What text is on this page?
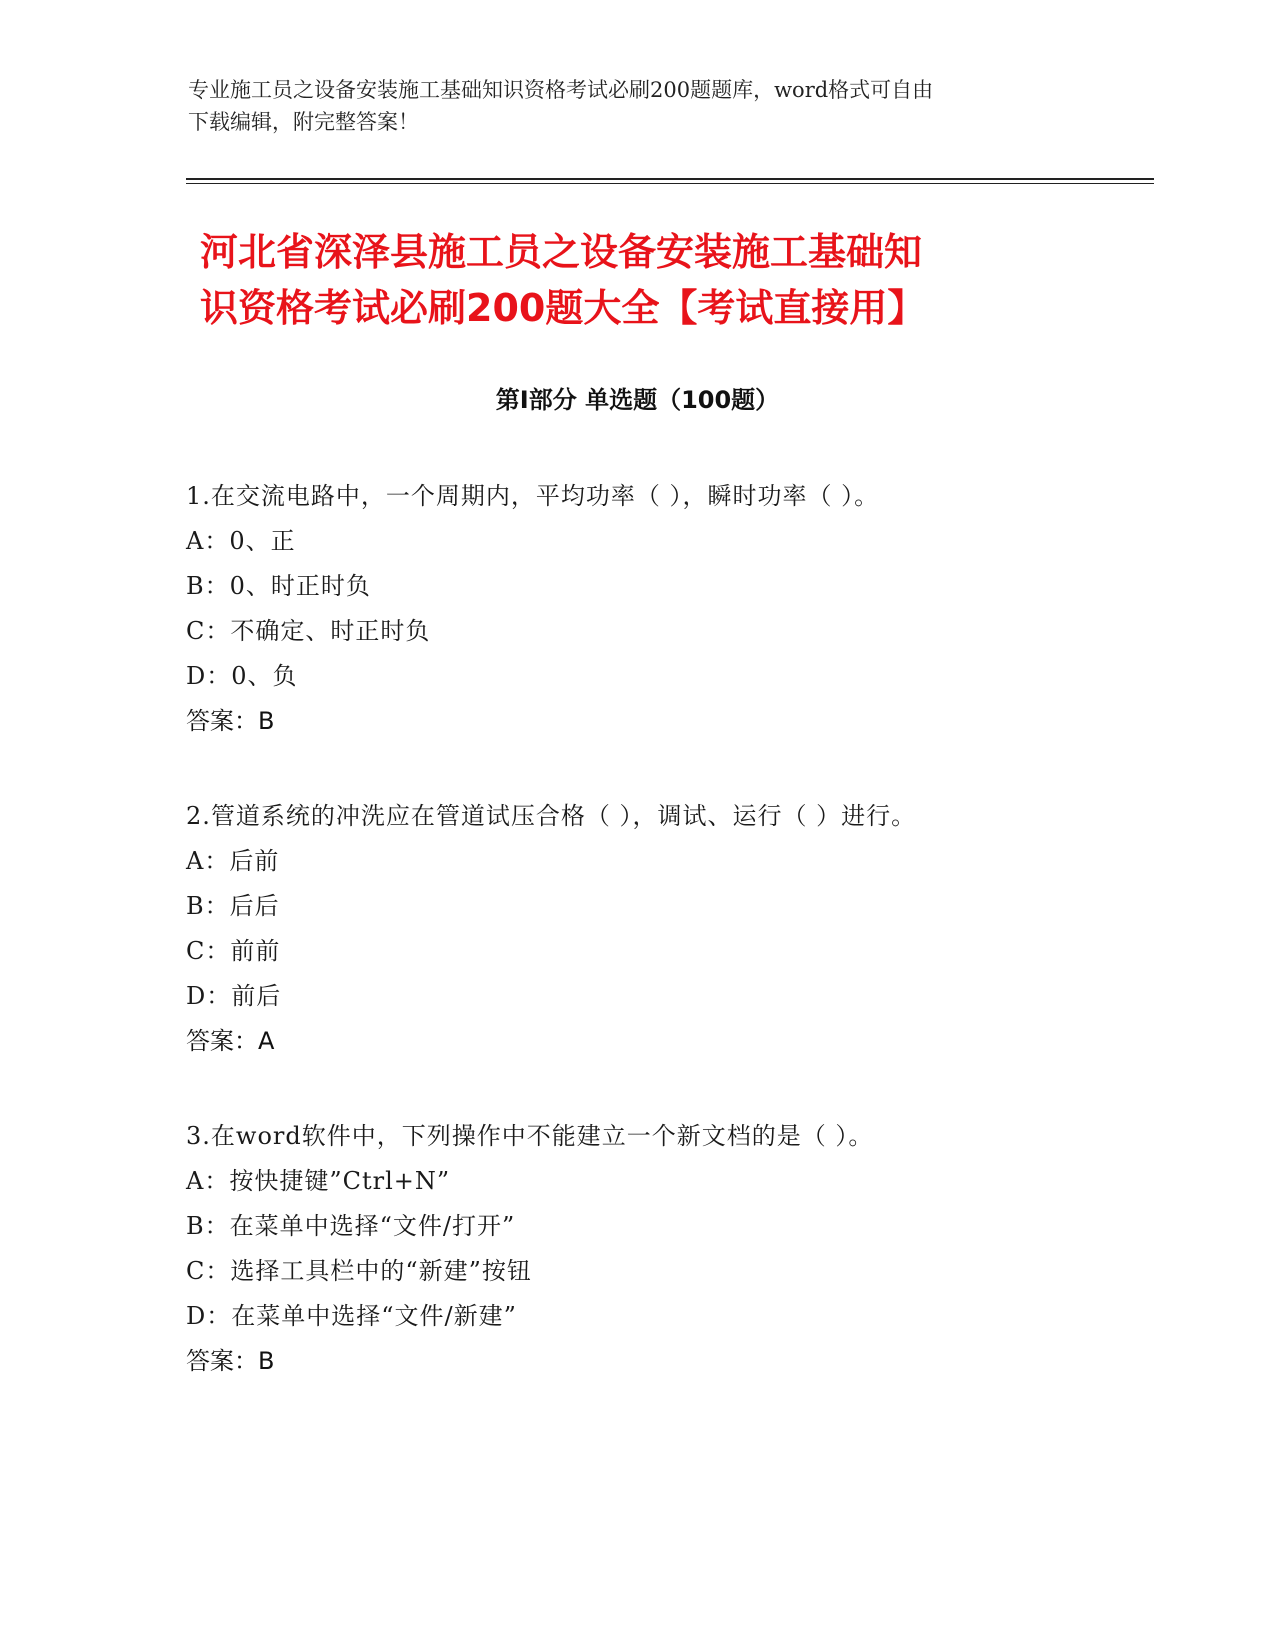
专业施工员之设备安装施工基础知识资格考试必刷200题题库，word格式可自由
下载编辑，附完整答案！
河北省深泽县施工员之设备安装施工基础知
识资格考试必刷200题大全【考试直接用】
第Ⅰ部分 单选题（100题）
1.在交流电路中，一个周期内，平均功率（ ），瞬时功率（ ）。
A：0、正
B：0、时正时负
C：不确定、时正时负
D：0、负
答案：B
2.管道系统的冲洗应在管道试压合格（ ），调试、运行（ ）进行。
A：后前
B：后后
C：前前
D：前后
答案：A
3.在word软件中，下列操作中不能建立一个新文档的是（ ）。
A：按快捷键”Ctrl+N”
B：在菜单中选择“文件/打开”
C：选择工具栏中的“新建”按钮
D：在菜单中选择“文件/新建”
答案：B
